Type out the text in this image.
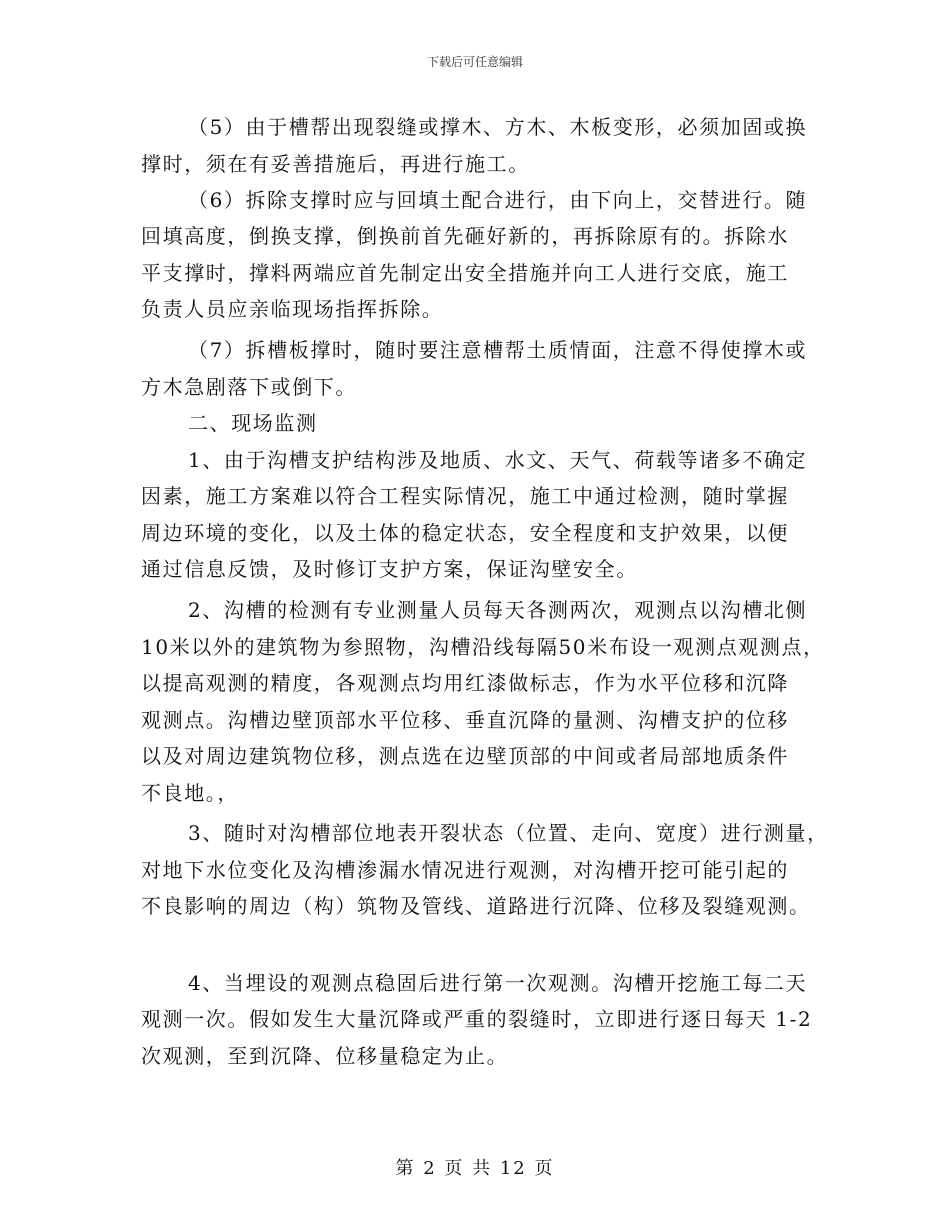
下载后可任意编辑
（5）由于槽帮出现裂缝或撑木、方木、木板变形，必须加固或换
撑时，须在有妥善措施后，再进行施工。
（6）拆除支撑时应与回填土配合进行，由下向上，交替进行。随
回填高度，倒换支撑，倒换前首先砸好新的，再拆除原有的。拆除水
平支撑时，撑料两端应首先制定出安全措施并向工人进行交底，施工
负责人员应亲临现场指挥拆除。
（7）拆槽板撑时，随时要注意槽帮土质情面，注意不得使撑木或
方木急剧落下或倒下。
二、现场监测
1、由于沟槽支护结构涉及地质、水文、天气、荷载等诸多不确定
因素，施工方案难以符合工程实际情况，施工中通过检测，随时掌握
周边环境的变化，以及土体的稳定状态，安全程度和支护效果，以便
通过信息反馈，及时修订支护方案，保证沟壁安全。
2、沟槽的检测有专业测量人员每天各测两次，观测点以沟槽北侧
10米以外的建筑物为参照物，沟槽沿线每隔50米布设一观测点观测点，
以提高观测的精度，各观测点均用红漆做标志，作为水平位移和沉降
观测点。沟槽边壁顶部水平位移、垂直沉降的量测、沟槽支护的位移
以及对周边建筑物位移，测点选在边壁顶部的中间或者局部地质条件
不良地。，
3、随时对沟槽部位地表开裂状态（位置、走向、宽度）进行测量，
对地下水位变化及沟槽渗漏水情况进行观测，对沟槽开挖可能引起的
不良影响的周边（构）筑物及管线、道路进行沉降、位移及裂缝观测。
4、当埋设的观测点稳固后进行第一次观测。沟槽开挖施工每二天
观测一次。假如发生大量沉降或严重的裂缝时，立即进行逐日每天 1-2
次观测，至到沉降、位移量稳定为止。
第 2 页 共 12 页
